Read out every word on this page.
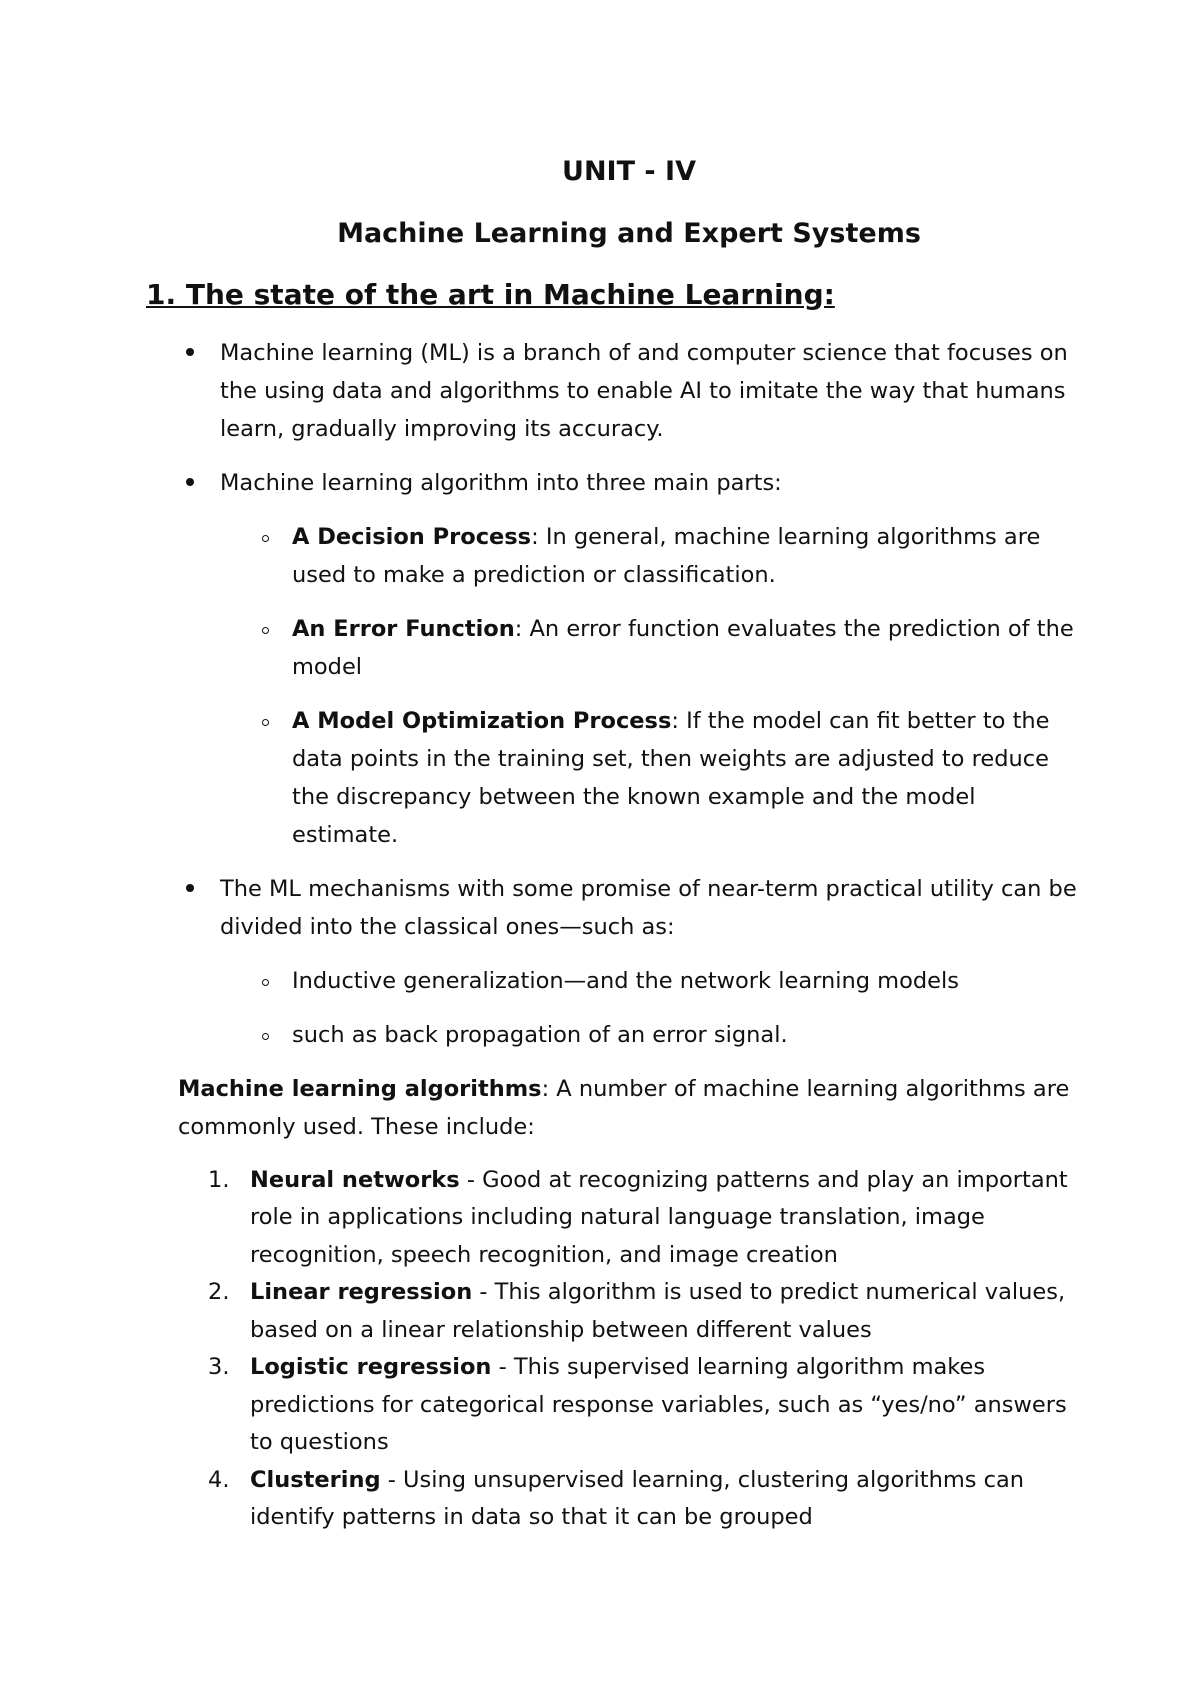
UNIT - IV
Machine Learning and Expert Systems
1. The state of the art in Machine Learning:
Machine learning (ML) is a branch of and computer science that focuses on the using data and algorithms to enable AI to imitate the way that humans learn, gradually improving its accuracy.
Machine learning algorithm into three main parts:
A Decision Process: In general, machine learning algorithms are used to make a prediction or classification.
An Error Function: An error function evaluates the prediction of the model
A Model Optimization Process: If the model can fit better to the data points in the training set, then weights are adjusted to reduce the discrepancy between the known example and the model estimate.
The ML mechanisms with some promise of near-term practical utility can be divided into the classical ones—such as:
Inductive generalization—and the network learning models
such as back propagation of an error signal.
Machine learning algorithms: A number of machine learning algorithms are commonly used. These include:
1. Neural networks - Good at recognizing patterns and play an important role in applications including natural language translation, image recognition, speech recognition, and image creation
2. Linear regression - This algorithm is used to predict numerical values, based on a linear relationship between different values
3. Logistic regression - This supervised learning algorithm makes predictions for categorical response variables, such as “yes/no” answers to questions
4. Clustering - Using unsupervised learning, clustering algorithms can identify patterns in data so that it can be grouped
